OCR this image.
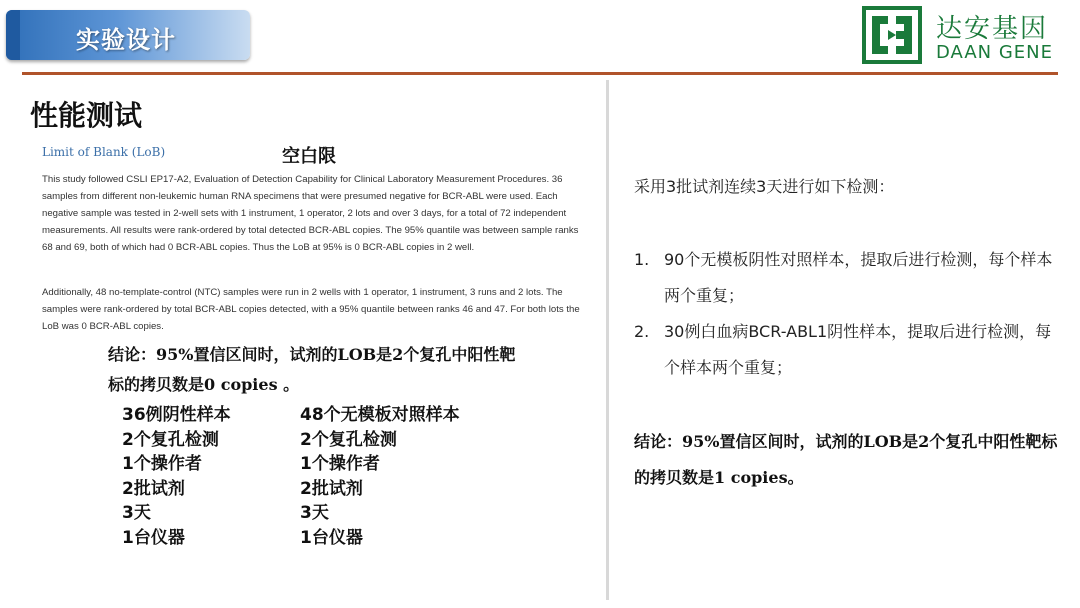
实验设计	达安基因
DAAN GENE
性能测试
空白限
Limit of Blank (LoB)

This study followed CSLI EP17-A2, Evaluation of Detection Capability for Clinical Laboratory Measurement Procedures. 36 samples from different non-leukemic human RNA specimens that were presumed negative for BCR-ABL were used. Each negative sample was tested in 2-well sets with 1 instrument, 1 operator, 2 lots and over 3 days, for a total of 72 independent measurements. All results were rank-ordered by total detected BCR-ABL copies. The 95% quantile was between sample ranks 68 and 69, both of which had 0 BCR-ABL copies. Thus the LoB at 95% is 0 BCR-ABL copies in 2 well.

Additionally, 48 no-template-control (NTC) samples were run in 2 wells with 1 operator, 1 instrument, 3 runs and 2 lots. The samples were rank-ordered by total BCR-ABL copies detected, with a 95% quantile between ranks 46 and 47. For both lots the LoB was 0 BCR-ABL copies.

结论：95%置信区间时，试剂的LOB是2个复孔中阳性靶标的拷贝数是0 copies 。
36例阴性样本
2个复孔检测
1个操作者
2批试剂
3天
1台仪器
48个无模板对照样本
2个复孔检测
1个操作者
2批试剂
3天
1台仪器
采用3批试剂连续3天进行如下检测：
1. 90个无模板阴性对照样本，提取后进行检测，每个样本两个重复；
2. 30例白血病BCR-ABL1阴性样本，提取后进行检测，每个样本两个重复；
结论：95%置信区间时，试剂的LOB是2个复孔中阳性靶标的拷贝数是1 copies。
